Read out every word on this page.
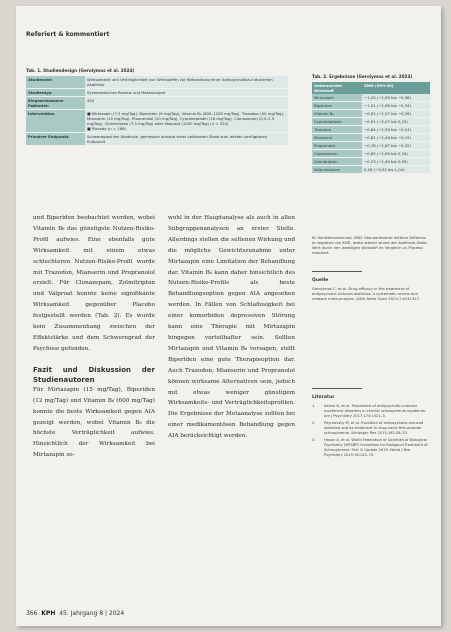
Referiert & kommentiert
Tab. 1. Studiendesign (Gerolymos et al. 2024)
Studienziel	Wirksamkeit und Verträglichkeit von Wirkstoffen zur Behandlung einer Antipsychotika-induzierten Akathisie
Studientyp	Systematisches Review und Metaanalyse
Eingeschlossene Patienten	492
Intervention	■ Mirtazapin (7,5 mg/Tag), Biperiden (6 mg/Tag), Vitamin B₆ (600–1200 mg/Tag), Trazodon (50 mg/Tag), Mianserin (15 mg/Tag), Propranolol (20 mg/Tag), Cyproheptadin (16 mg/Tag), Clonazepam (0,5–2,5 mg/Tag), Zolmitriptan (7,5 mg/Tag) oder Valproat (1000 mg/Tag) (n = 324)
■ Placebo (n = 168)
Primärer Endpunkt	Schweregrad der Akathisie, gemessen anhand einer validierten Skala zum letzten verfügbaren Endpunkt
Tab. 2. Ergebnisse (Gerolymos et al. 2024)
Untersuchter Wirkstoff	SMD (95%-KI)
Mirtazapin	−1,20 (−1,83 bis −0,58)
Biperiden	−1,01 (−1,69 bis −0,34)
Vitamin B₆	−0,92 (−1,57 bis −0,26)
Cyproheptadin	−0,91 (−2,07 bis 0,25)
Trazodon	−0,84 (−1,54 bis −0,14)
Mianserin	−0,81 (−1,44 bis −0,19)
Propranolol	−0,78 (−1,87 bis −0,32)
Clonazepam	−0,65 (−1,65 bis 0,34)
Zolmitriptan	−0,23 (−1,40 bis 0,93)
Valproinsäure	0,26 (−0,52 bis 1,04)
KI: Konfidenzintervall; SMD: Standardisierte mittlere Differenz
Je negativer die SMD, desto stärker wurde der Akathisie-Skala-Wert durch den jeweiligen Wirkstoff im Vergleich zu Placebo reduziert.

und Biperiden beobachtet werden, wobei Vitamin B₆ das günstigste Nutzen-Risiko-Profil aufwies. Eine ebenfalls gute Wirksamkeit mit einem etwas schlechteren Nutzen-Risiko-Profil wurde mit Trazodon, Mianserin und Propranolol erzielt. Für Clonazepam, Zolmitriptan und Valproat konnte keine signifikante Wirksamkeit gegenüber Placebo festgestellt werden (Tab. 2). Es wurde kein Zusammenhang zwischen der Effektstärke und dem Schweregrad der Psychose gefunden.

Fazit und Diskussion der Studienautoren

Für Mirtazapin (15 mg/Tag), Biperiden (12 mg/Tag) und Vitamin B₆ (600 mg/Tag) konnte die beste Wirksamkeit gegen AIA gezeigt werden, wobei Vitamin B₆ die höchste Verträglichkeit aufwies. Hinsichtlich der Wirksamkeit bei Mirtazapin so-

wohl in der Hauptanalyse als auch in allen Subgruppenanalysen an erster Stelle. Allerdings stellen die seltenen Wirkung und die mögliche Gewichtszunahme unter Mirtazapin eine Limitation der Behandlung dar. Vitamin B₆ kann daher hinsichtlich des Nutzen-Risiko-Profils als beste Behandlungsoption gegen AIA angesehen werden. In Fällen von Schlaflosigkeit bei einer komorbiden depressiven Störung kann eine Therapie mit Mirtazapin hingegen vorteilhafter sein. Sollten Mirtazapin und Vitamin B₆ versagen, stellt Biperiden eine gute Therapieoption dar. Auch Trazodon, Mianserin und Propranolol können wirksame Alternativen sein, jedoch mit etwas weniger günstigem Wirksamkeits- und Verträglichkeitsprofilen. Die Ergebnisse der Metaanalyse sollten bei einer medikamentösen Behandlung gegen AIA berücksichtigt werden.

Quelle
Gerolymos C, et al. Drug efficacy in the treatment of antipsychotic-induced akathisia: a systematic review and network meta-analysis. JAMA Netw Open 2024;7:e241527.
Literatur
1. Salem H, et al. Prevalence of antipsychotic-induced movement disorders in chronic schizophrenia inpatients. Am J Psychiatry 2017;174:1021–3.
2. Poyurovsky M, et al. Evolution of antipsychotic-induced akathisia and its treatment in drug-naive first-episode schizophrenia. Schizophr Res 2015;162:28–33.
3. Hasan A, et al. World Federation of Societies of Biological Psychiatry (WFSBP) Guidelines for Biological Treatment of Schizophrenia. Part 3: Update 2015. World J Biol Psychiatry 2015;16:143–70.
366 KPH 45. Jahrgang 8 | 2024
